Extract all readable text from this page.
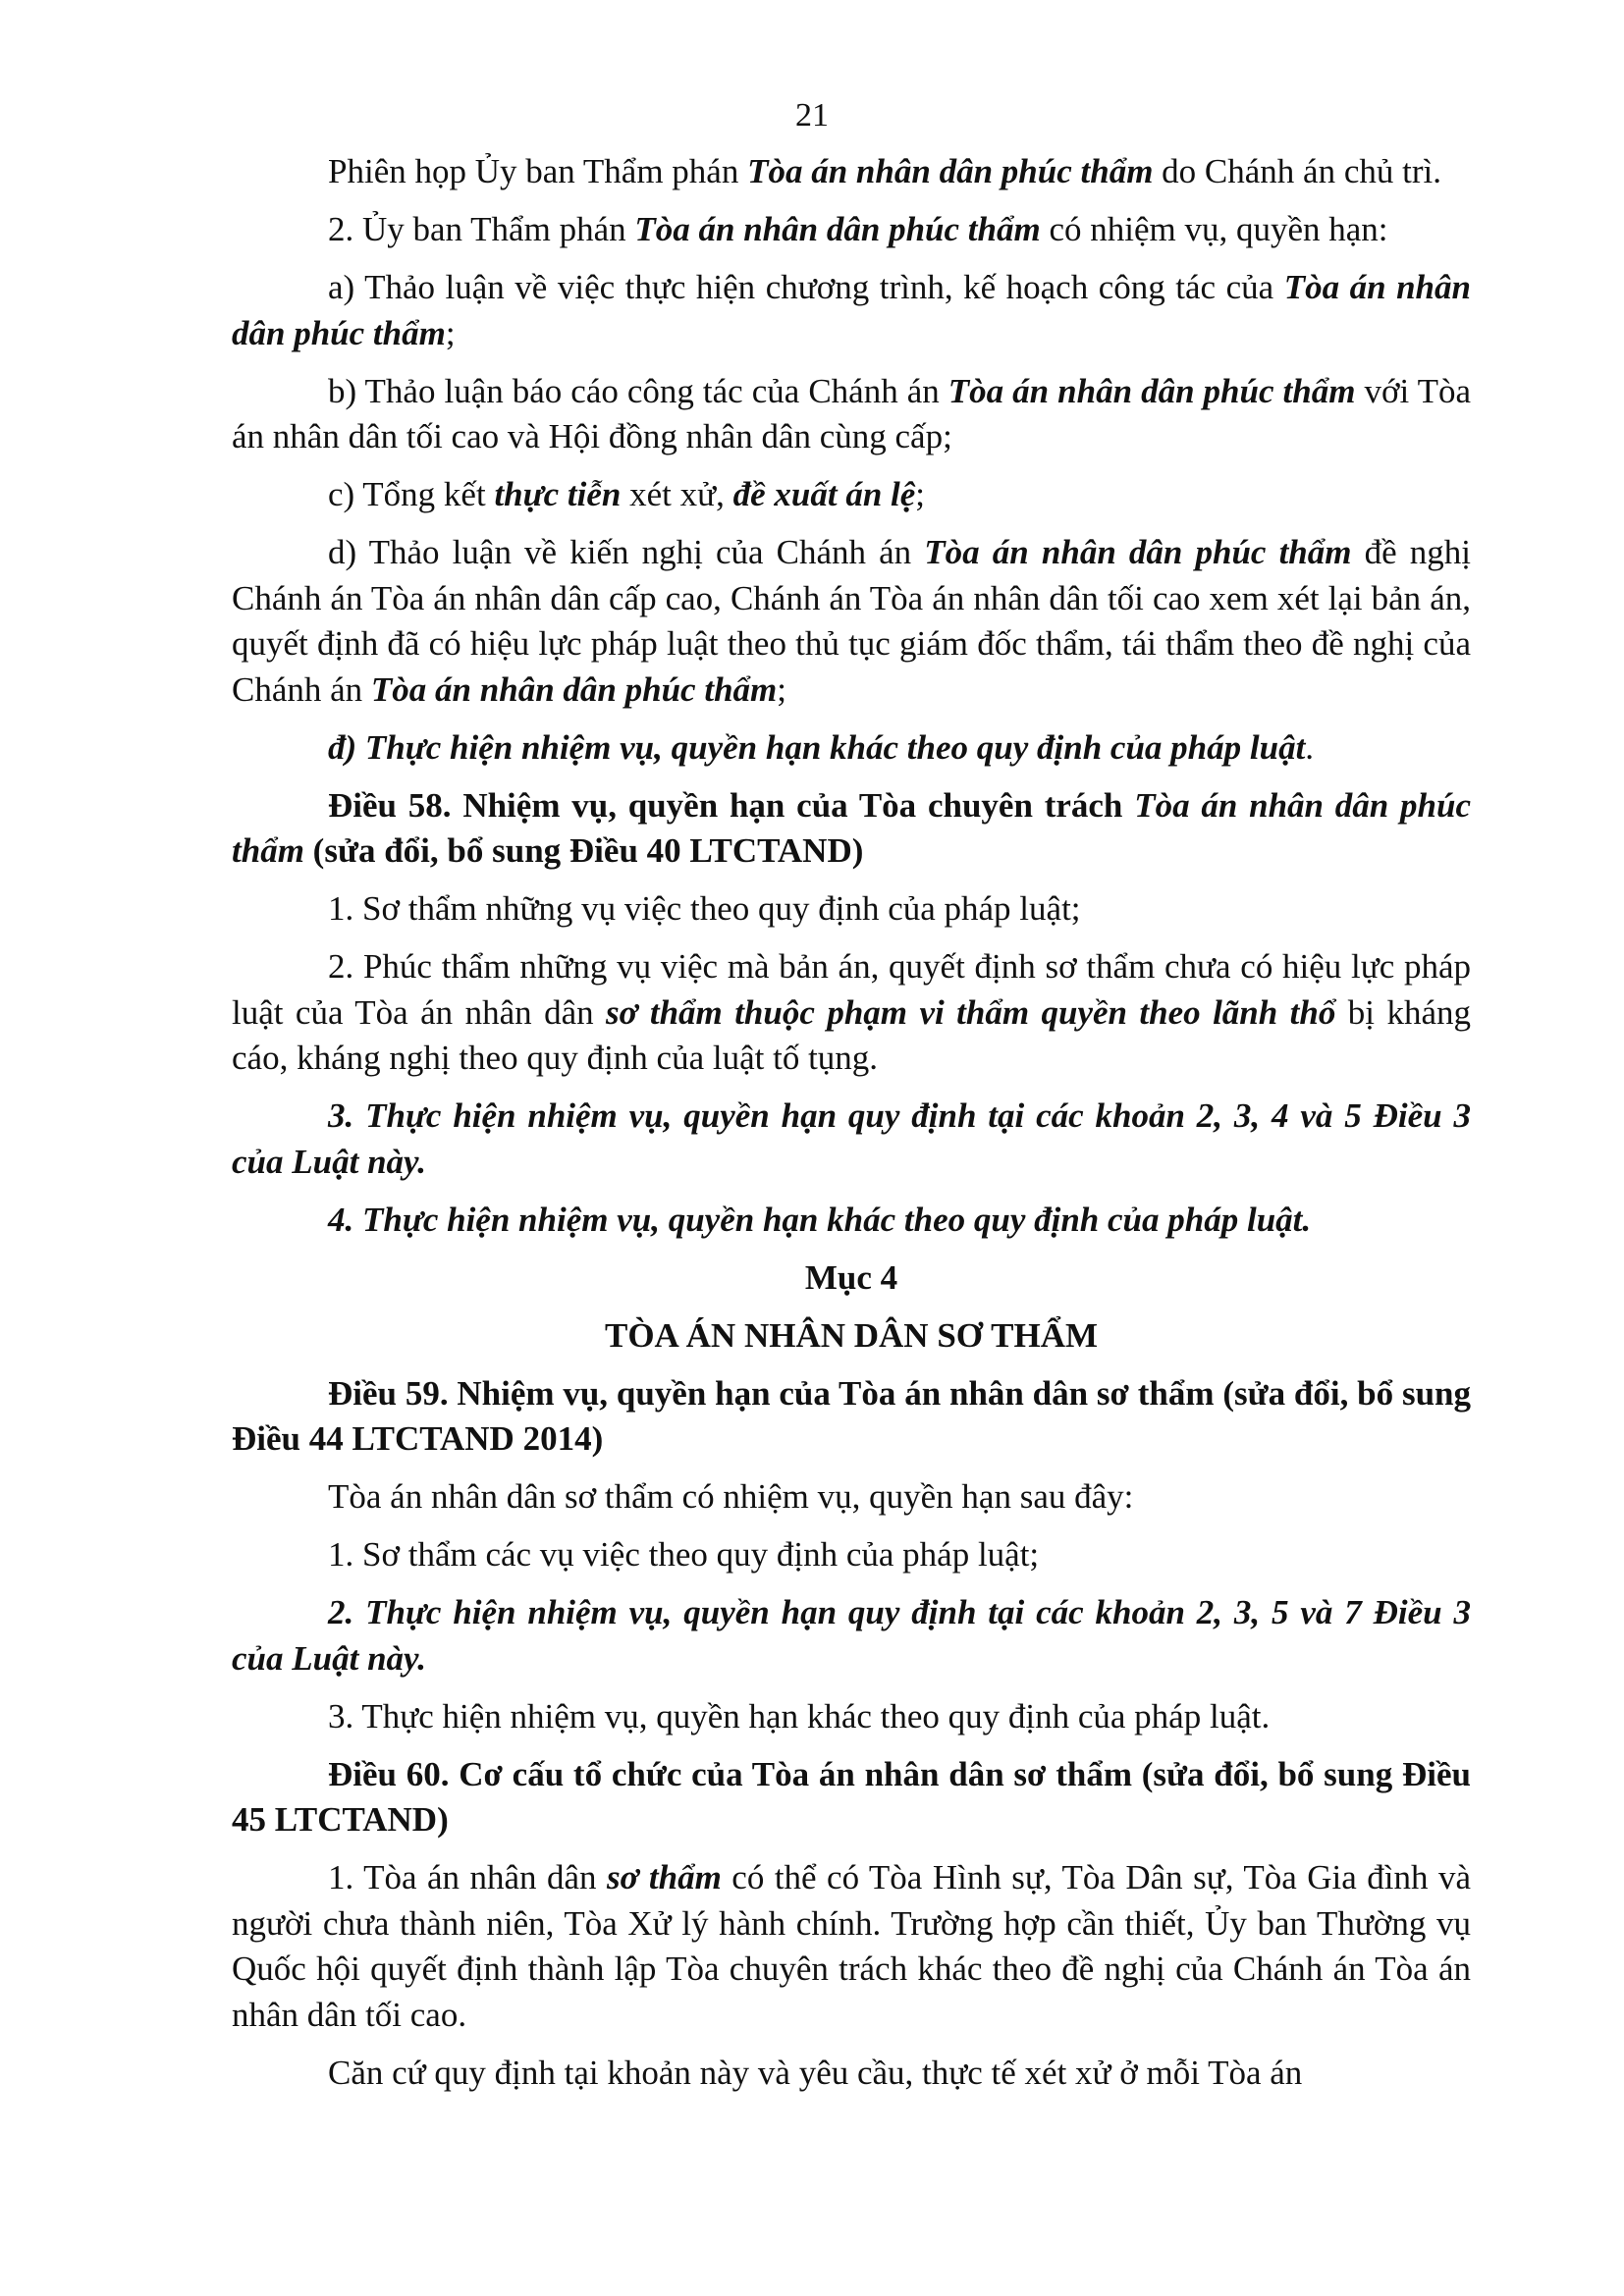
21

Phiên họp Ủy ban Thẩm phán Tòa án nhân dân phúc thẩm do Chánh án chủ trì.

2. Ủy ban Thẩm phán Tòa án nhân dân phúc thẩm có nhiệm vụ, quyền hạn:

a) Thảo luận về việc thực hiện chương trình, kế hoạch công tác của Tòa án nhân dân phúc thẩm;

b) Thảo luận báo cáo công tác của Chánh án Tòa án nhân dân phúc thẩm với Tòa án nhân dân tối cao và Hội đồng nhân dân cùng cấp;

c) Tổng kết thực tiễn xét xử, đề xuất án lệ;

d) Thảo luận về kiến nghị của Chánh án Tòa án nhân dân phúc thẩm đề nghị Chánh án Tòa án nhân dân cấp cao, Chánh án Tòa án nhân dân tối cao xem xét lại bản án, quyết định đã có hiệu lực pháp luật theo thủ tục giám đốc thẩm, tái thẩm theo đề nghị của Chánh án Tòa án nhân dân phúc thẩm;

đ) Thực hiện nhiệm vụ, quyền hạn khác theo quy định của pháp luật.

Điều 58. Nhiệm vụ, quyền hạn của Tòa chuyên trách Tòa án nhân dân phúc thẩm (sửa đổi, bổ sung Điều 40 LTCTAND)

1. Sơ thẩm những vụ việc theo quy định của pháp luật;

2. Phúc thẩm những vụ việc mà bản án, quyết định sơ thẩm chưa có hiệu lực pháp luật của Tòa án nhân dân sơ thẩm thuộc phạm vi thẩm quyền theo lãnh thổ bị kháng cáo, kháng nghị theo quy định của luật tố tụng.

3. Thực hiện nhiệm vụ, quyền hạn quy định tại các khoản 2, 3, 4 và 5 Điều 3 của Luật này.

4. Thực hiện nhiệm vụ, quyền hạn khác theo quy định của pháp luật.

Mục 4

TÒA ÁN NHÂN DÂN SƠ THẨM

Điều 59. Nhiệm vụ, quyền hạn của Tòa án nhân dân sơ thẩm (sửa đổi, bổ sung Điều 44 LTCTAND 2014)

Tòa án nhân dân sơ thẩm có nhiệm vụ, quyền hạn sau đây:

1. Sơ thẩm các vụ việc theo quy định của pháp luật;

2. Thực hiện nhiệm vụ, quyền hạn quy định tại các khoản 2, 3, 5 và 7 Điều 3 của Luật này.

3. Thực hiện nhiệm vụ, quyền hạn khác theo quy định của pháp luật.

Điều 60. Cơ cấu tổ chức của Tòa án nhân dân sơ thẩm (sửa đổi, bổ sung Điều 45 LTCTAND)

1. Tòa án nhân dân sơ thẩm có thể có Tòa Hình sự, Tòa Dân sự, Tòa Gia đình và người chưa thành niên, Tòa Xử lý hành chính. Trường hợp cần thiết, Ủy ban Thường vụ Quốc hội quyết định thành lập Tòa chuyên trách khác theo đề nghị của Chánh án Tòa án nhân dân tối cao.

Căn cứ quy định tại khoản này và yêu cầu, thực tế xét xử ở mỗi Tòa án
